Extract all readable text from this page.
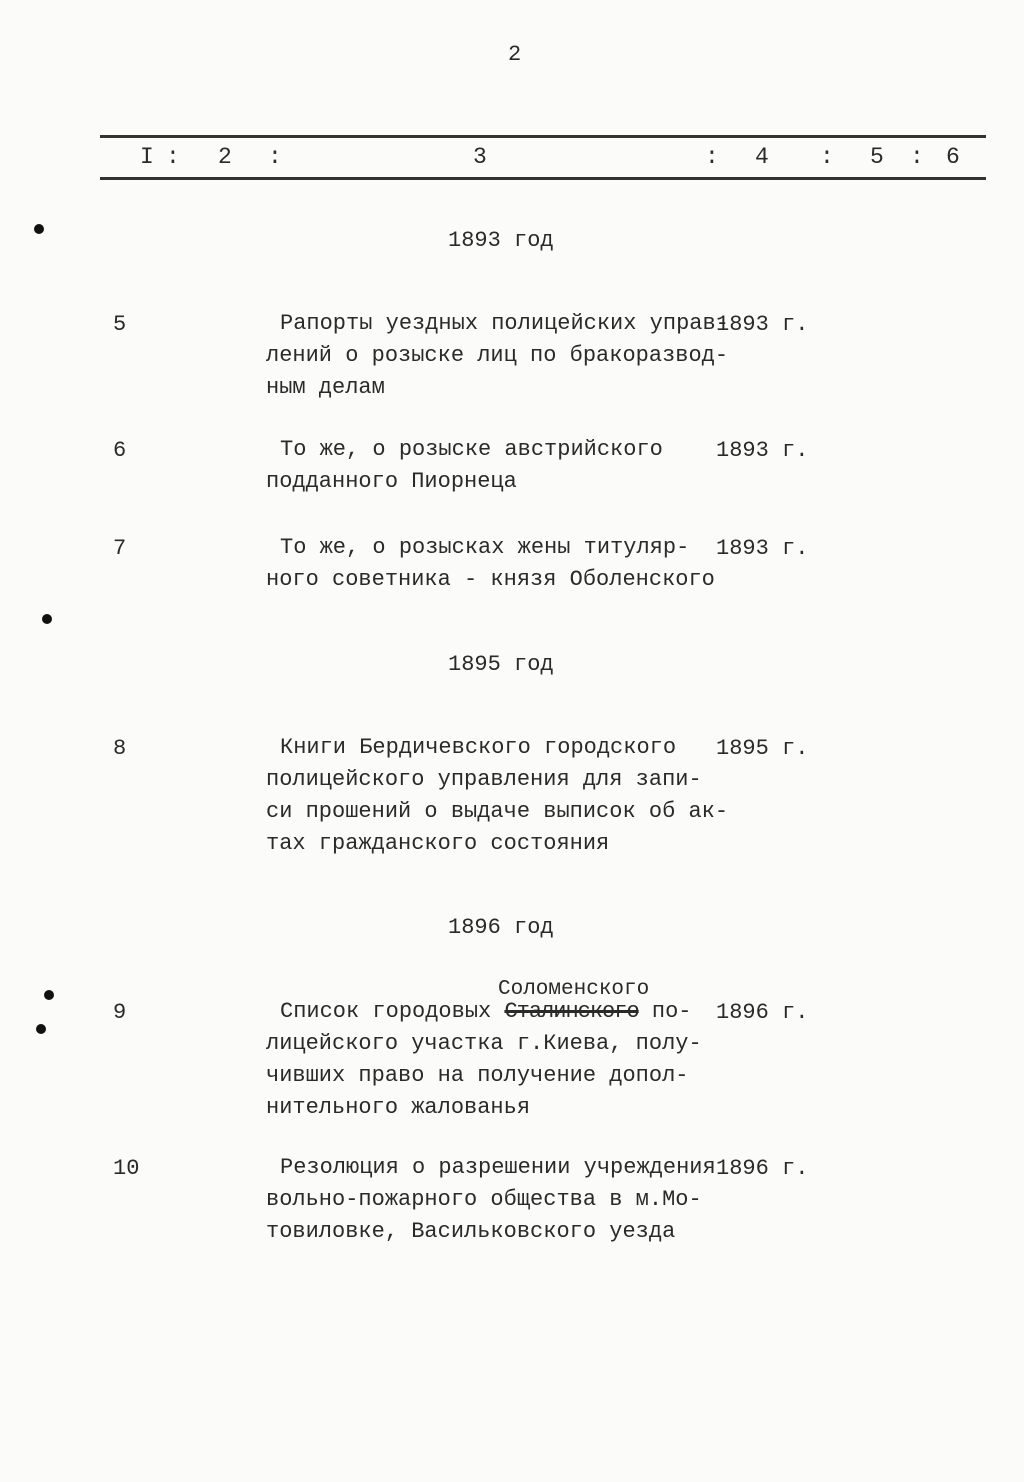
2
I : 2 :	3	: 4 : 5 : 6
1893 год
5	Рапорты уездных полицейских управ-
лений о розыске лиц по бракоразвод-
ным делам
1893 г.
6	То же, о розыске австрийского
подданного Пиорнеца
1893 г.
7	То же, о розысках жены титуляр-
ного советника - князя Оболенского
1893 г.
1895 год
8	Книги Бердичевского городского
полицейского управления для запи-
си прошений о выдаче выписок об ак-
тах гражданского состояния
1895 г.
1896 год
Соломенского
9	Список городовых Сталинского по-
лицейского участка г.Киева, полу-
чивших право на получение допол-
нительного жалованья
1896 г.
10	Резолюция о разрешении учреждения
вольно-пожарного общества в м.Мо-
товиловке, Васильковского уезда
1896 г.
